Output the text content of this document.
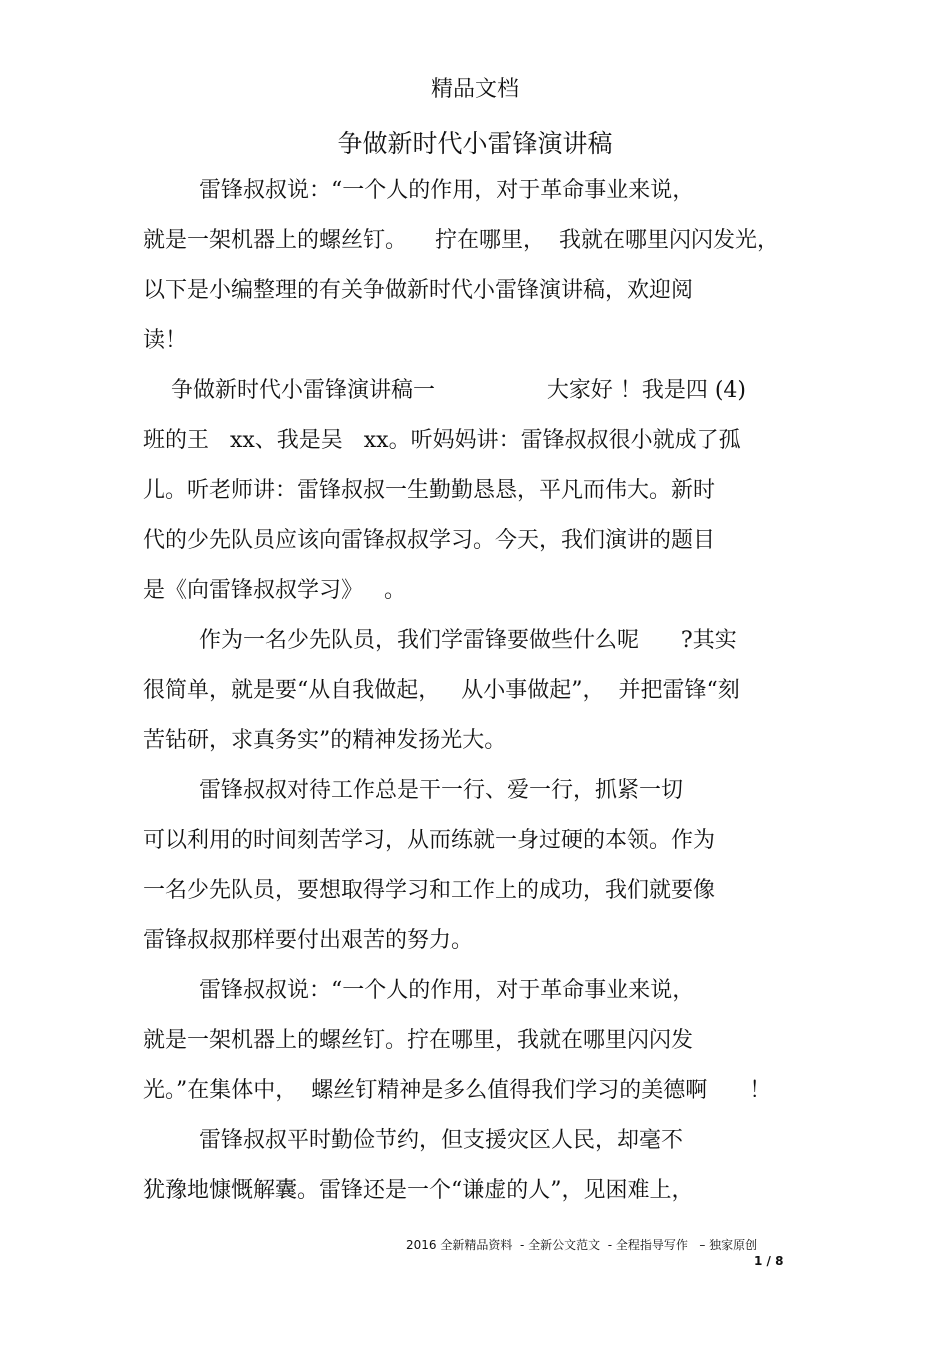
精品文档
争做新时代小雷锋演讲稿
雷锋叔叔说：“一个人的作用，对于革命事业来说，
就是一架机器上的螺丝钉。    拧在哪里，  我就在哪里闪闪发光，
以下是小编整理的有关争做新时代小雷锋演讲稿，欢迎阅
读！
争做新时代小雷锋演讲稿一                大家好 ！我是四 (4)
班的王   xx、我是吴   xx。听妈妈讲：雷锋叔叔很小就成了孤
儿。听老师讲：雷锋叔叔一生勤勤恳恳，平凡而伟大。新时
代的少先队员应该向雷锋叔叔学习。今天，我们演讲的题目
是《向雷锋叔叔学习》   。
作为一名少先队员，我们学雷锋要做些什么呢      ?其实
很简单，就是要“从自我做起，   从小事做起”，  并把雷锋“刻
苦钻研，求真务实”的精神发扬光大。
雷锋叔叔对待工作总是干一行、爱一行，抓紧一切
可以利用的时间刻苦学习，从而练就一身过硬的本领。作为
一名少先队员，要想取得学习和工作上的成功，我们就要像
雷锋叔叔那样要付出艰苦的努力。
雷锋叔叔说：“一个人的作用，对于革命事业来说，
就是一架机器上的螺丝钉。拧在哪里，我就在哪里闪闪发
光。”在集体中，  螺丝钉精神是多么值得我们学习的美德啊      ！
雷锋叔叔平时勤俭节约，但支援灾区人民，却毫不
犹豫地慷慨解囊。雷锋还是一个“谦虚的人”，见困难上，
2016 全新精品资料  - 全新公文范文  - 全程指导写作   – 独家原创
1 / 8
